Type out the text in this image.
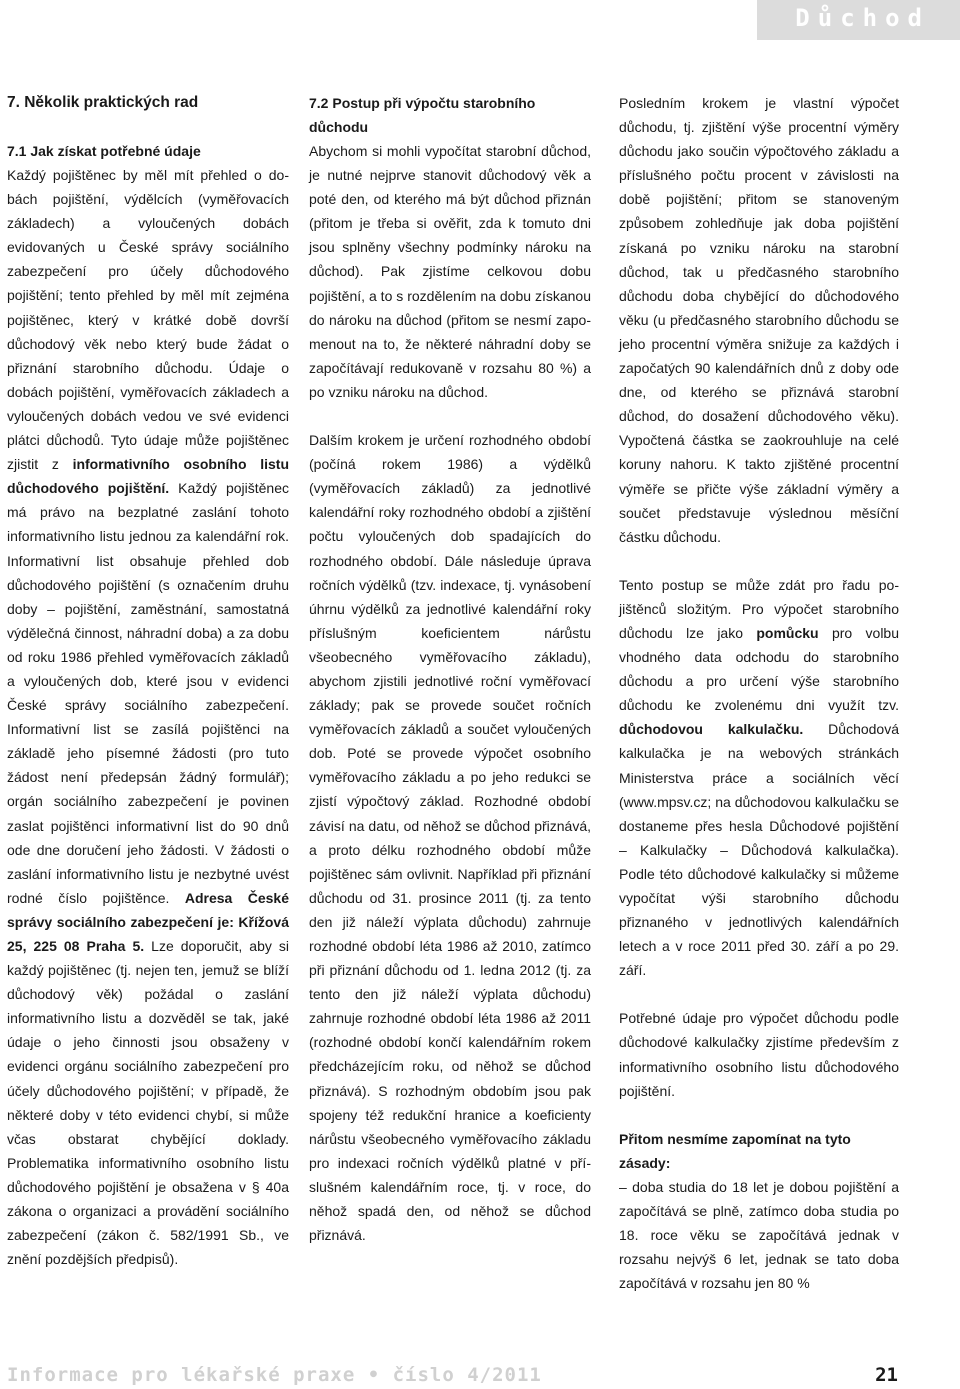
Důchod
7. Několik praktických rad
7.1 Jak získat potřebné údaje

Každý pojištěnec by měl mít přehled o dobách pojištění, výdělcích (vyměřovacích základech) a vyloučených dobách evidovaných u České správy sociálního zabezpečení pro účely důchodového pojištění; tento přehled by měl mít zejména pojištěnec, který v krátké době dovrší důchodový věk nebo který bude žádat o přiznání starobního důchodu. Údaje o dobách pojištění, vyměřovacích základech a vyloučených dobách vedou ve své evidenci plátci důchodů. Tyto údaje může pojištěnec zjistit z informativního osobního listu důchodového pojištění. Každý pojištěnec má právo na bezplatné zaslání tohoto informativního listu jednou za kalendářní rok. Informativní list obsahuje přehled dob důchodového pojištění (s označením druhu doby – pojištění, zaměstnání, samostatná výdělečná činnost, náhradní doba) a za dobu od roku 1986 přehled vyměřovacích základů a vyloučených dob, které jsou v evidenci České správy sociálního zabezpečení. Informativní list se zasílá pojištěnci na základě jeho písemné žádosti (pro tuto žádost není předepsán žádný formulář); orgán sociálního zabezpečení je povinen zaslat pojištěnci informativní list do 90 dnů ode dne doručení jeho žádosti. V žádosti o zaslání informativního listu je nezbytné uvést rodné číslo pojištěnce. Adresa České správy sociálního zabezpečení je: Křížová 25, 225 08 Praha 5. Lze doporučit, aby si každý pojištěnec (tj. nejen ten, jemuž se blíží důchodový věk) požádal o zaslání informativního listu a dozvěděl se tak, jaké údaje o jeho činnosti jsou obsaženy v evidenci orgánu sociálního zabezpečení pro účely důchodového pojištění; v případě, že některé doby v této evidenci chybí, si může včas obstarat chybějící doklady. Problematika informativního osobního listu důchodového pojištění je obsažena v § 40a zákona o organizaci a provádění sociálního zabezpečení (zákon č. 582/1991 Sb., ve znění pozdějších předpisů).

7.2 Postup při výpočtu starobního důchodu

Abychom si mohli vypočítat starobní důchod, je nutné nejprve stanovit důchodový věk a poté den, od kterého má být důchod přiznán (přitom je třeba si ověřit, zda k tomuto dni jsou splněny všechny podmínky nároku na důchod). Pak zjistíme celkovou dobu pojištění, a to s rozdělením na dobu získanou do nároku na důchod (přitom se nesmí zapomenout na to, že některé náhradní doby se započítávají redukovaně v rozsahu 80 %) a po vzniku nároku na důchod.

Dalším krokem je určení rozhodného období (počíná rokem 1986) a výdělků (vyměřovacích základů) za jednotlivé kalendářní roky rozhodného období a zjištění počtu vyloučených dob spadajících do rozhodného období. Dále následuje úprava ročních výdělků (tzv. indexace, tj. vynásobení úhrnu výdělků za jednotlivé kalendářní roky příslušným koeficientem nárůstu všeobecného vyměřovacího základu), abychom zjistili jednotlivé roční vyměřovací základy; pak se provede součet ročních vyměřovacích základů a součet vyloučených dob. Poté se provede výpočet osobního vyměřovacího základu a po jeho redukci se zjistí výpočtový základ. Rozhodné období závisí na datu, od něhož se důchod přiznává, a proto délku rozhodného období může pojištěnec sám ovlivnit. Například při přiznání důchodu od 31. prosince 2011 (tj. za tento den již náleží výplata důchodu) zahrnuje rozhodné období léta 1986 až 2010, zatímco při přiznání důchodu od 1. ledna 2012 (tj. za tento den již náleží výplata důchodu) zahrnuje rozhodné období léta 1986 až 2011 (rozhodné období končí kalendářním rokem předcházejícím roku, od něhož se důchod přiznává). S rozhodným obdobím jsou pak spojeny též redukční hranice a koeficienty nárůstu všeobecného vyměřovacího základu pro indexaci ročních výdělků platné v příslušném kalendářním roce, tj. v roce, do něhož spadá den, od něhož se důchod přiznává.

Posledním krokem je vlastní výpočet důchodu, tj. zjištění výše procentní výměry důchodu jako součin výpočtového základu a příslušného počtu procent v závislosti na době pojištění; přitom se stanoveným způsobem zohledňuje jak doba pojištění získaná po vzniku nároku na starobní důchod, tak u předčasného starobního důchodu doba chybějící do důchodového věku (u předčasného starobního důchodu se jeho procentní výměra snižuje za každých i započatých 90 kalendářních dnů z doby ode dne, od kterého se přiznává starobní důchod, do dosažení důchodového věku). Vypočtená částka se zaokrouhluje na celé koruny nahoru. K takto zjištěné procentní výměře se přičte výše základní výměry a součet představuje výslednou měsíční částku důchodu.

Tento postup se může zdát pro řadu pojištěnců složitým. Pro výpočet starobního důchodu lze jako pomůcku pro volbu vhodného data odchodu do starobního důchodu a pro určení výše starobního důchodu ke zvolenému dni využít tzv. důchodovou kalkulačku. Důchodová kalkulačka je na webových stránkách Ministerstva práce a sociálních věcí (www.mpsv.cz; na důchodovou kalkulačku se dostaneme přes hesla Důchodové pojištění – Kalkulačky – Důchodová kalkulačka). Podle této důchodové kalkulačky si můžeme vypočítat výši starobního důchodu přiznaného v jednotlivých kalendářních letech a v roce 2011 před 30. září a po 29. září.

Potřebné údaje pro výpočet důchodu podle důchodové kalkulačky zjistíme především z informativního osobního listu důchodového pojištění.

Přitom nesmíme zapomínat na tyto zásady:

– doba studia do 18 let je dobou pojištění a započítává se plně, zatímco doba studia po 18. roce věku se započítává jednak v rozsahu nejvýš 6 let, jednak se tato doba započítává v rozsahu jen 80 %

Informace pro lékařské praxe • číslo 4/2011	21
